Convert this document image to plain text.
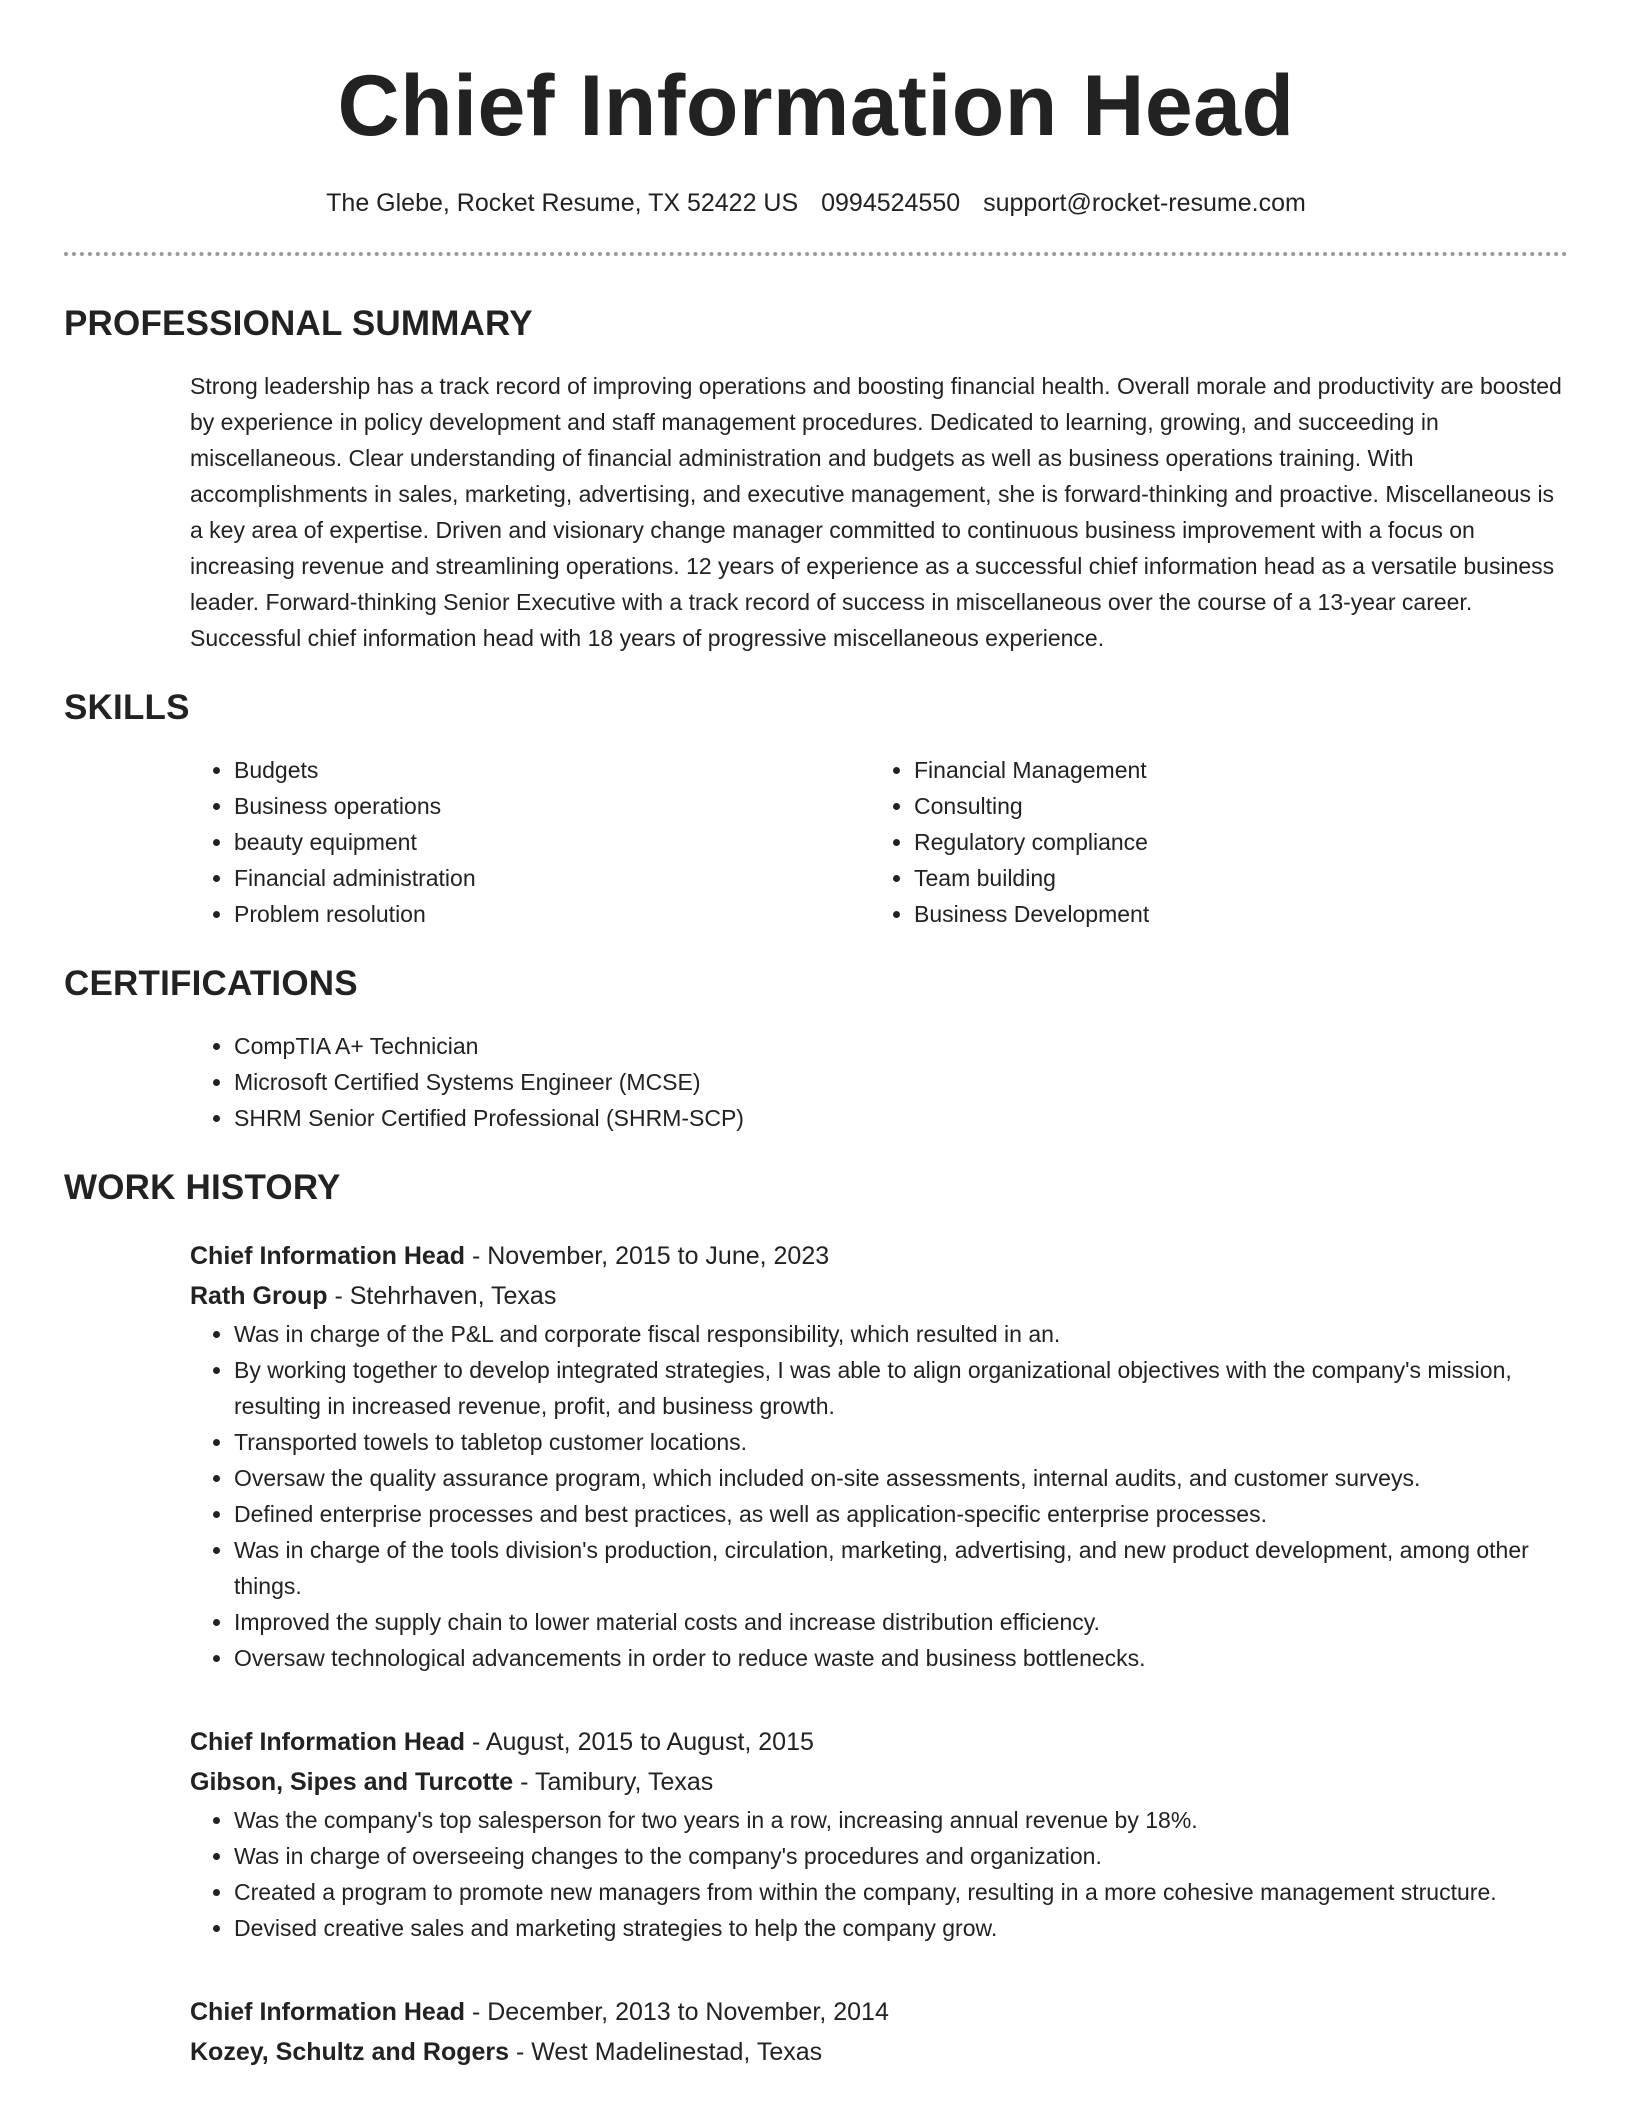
Chief Information Head
The Glebe, Rocket Resume, TX 52422 US 0994524550 support@rocket-resume.com
PROFESSIONAL SUMMARY
Strong leadership has a track record of improving operations and boosting financial health. Overall morale and productivity are boosted by experience in policy development and staff management procedures. Dedicated to learning, growing, and succeeding in miscellaneous. Clear understanding of financial administration and budgets as well as business operations training. With accomplishments in sales, marketing, advertising, and executive management, she is forward-thinking and proactive. Miscellaneous is a key area of expertise. Driven and visionary change manager committed to continuous business improvement with a focus on increasing revenue and streamlining operations. 12 years of experience as a successful chief information head as a versatile business leader. Forward-thinking Senior Executive with a track record of success in miscellaneous over the course of a 13-year career. Successful chief information head with 18 years of progressive miscellaneous experience.
SKILLS
• Budgets
• Business operations
• beauty equipment
• Financial administration
• Problem resolution
• Financial Management
• Consulting
• Regulatory compliance
• Team building
• Business Development
CERTIFICATIONS
• CompTIA A+ Technician
• Microsoft Certified Systems Engineer (MCSE)
• SHRM Senior Certified Professional (SHRM-SCP)
WORK HISTORY
Chief Information Head - November, 2015 to June, 2023
Rath Group - Stehrhaven, Texas
• Was in charge of the P&L and corporate fiscal responsibility, which resulted in an.
• By working together to develop integrated strategies, I was able to align organizational objectives with the company's mission, resulting in increased revenue, profit, and business growth.
• Transported towels to tabletop customer locations.
• Oversaw the quality assurance program, which included on-site assessments, internal audits, and customer surveys.
• Defined enterprise processes and best practices, as well as application-specific enterprise processes.
• Was in charge of the tools division's production, circulation, marketing, advertising, and new product development, among other things.
• Improved the supply chain to lower material costs and increase distribution efficiency.
• Oversaw technological advancements in order to reduce waste and business bottlenecks.
Chief Information Head - August, 2015 to August, 2015
Gibson, Sipes and Turcotte - Tamibury, Texas
• Was the company's top salesperson for two years in a row, increasing annual revenue by 18%.
• Was in charge of overseeing changes to the company's procedures and organization.
• Created a program to promote new managers from within the company, resulting in a more cohesive management structure.
• Devised creative sales and marketing strategies to help the company grow.
Chief Information Head - December, 2013 to November, 2014
Kozey, Schultz and Rogers - West Madelinestad, Texas
